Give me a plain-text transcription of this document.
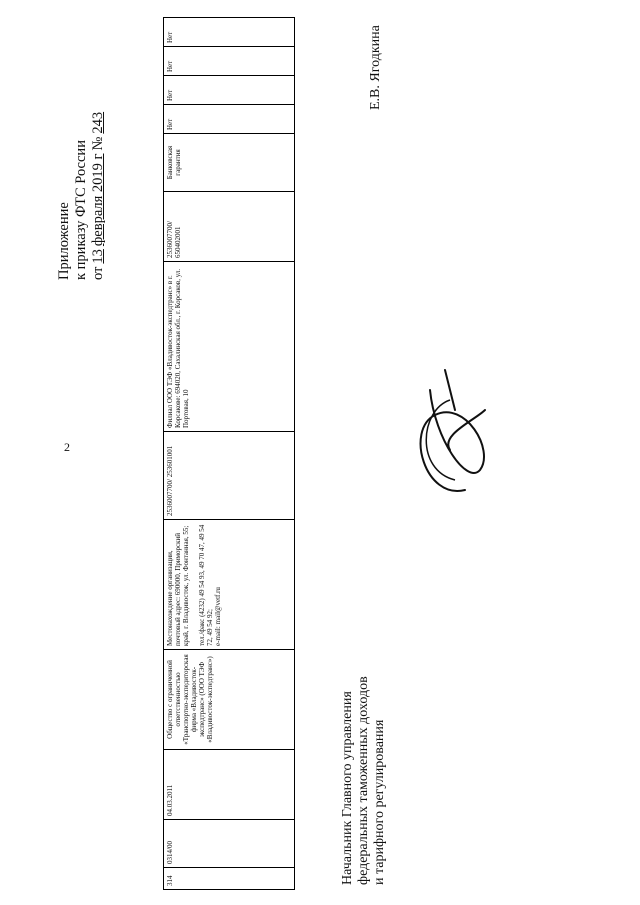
2
Приложение к приказу ФТС России от
13
февраля 2019 г
№
243
314	0314/00	04.03.2011	Общество с ограниченной ответственностью «Транспортно-экспедиторская фирма «Владивосток-экспедтранс» (ООО ТЭФ «Владивосток-экспедтранс»)	Местонахождение организации, почтовый адрес: 690000, Приморский край, г. Владивосток, ул. Фонтанная, 55;

тел./факс (4232) 49 54 93, 49 70 47, 49 54 72, 49 54 92;
e-mail: mail@vetf.ru	2536007700/ 253601001	Филиал ООО ТЭФ «Владивосток-экспедтранс» в г. Корсакове: 694020, Сахалинская обл., г. Корсаков, ул. Портовая, 10	2536007700/ 650402001	Банковская гарантия	Нет	Нет	Нет	Нет
Начальник Главного управления федеральных таможенных доходов и тарифного регулирования
Е.В. Ягодкина
